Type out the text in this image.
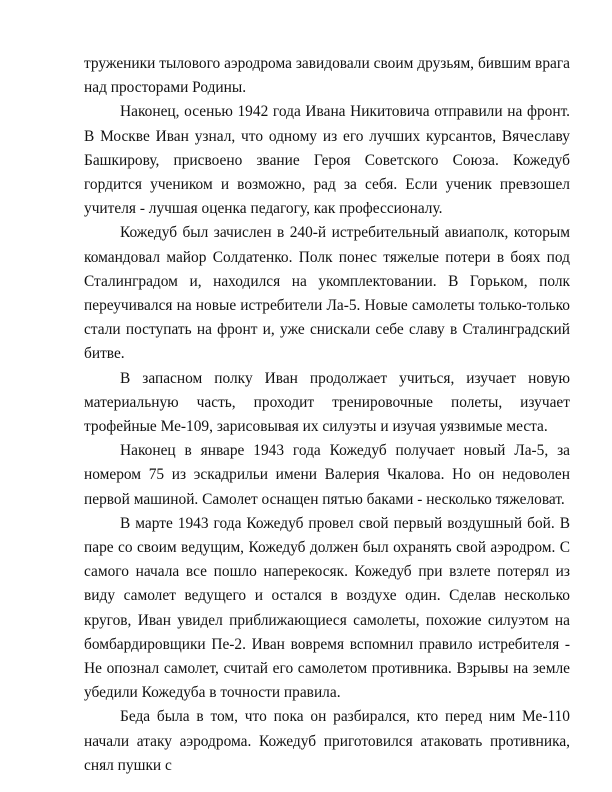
труженики тылового аэродрома завидовали своим друзьям, бившим врага над просторами Родины.

Наконец, осенью 1942 года Ивана Никитовича отправили на фронт. В Москве Иван узнал, что одному из его лучших курсантов, Вячеславу Башкирову, присвоено звание Героя Советского Союза. Кожедуб гордится учеником и возможно, рад за себя. Если ученик превзошел учителя - лучшая оценка педагогу, как профессионалу.

Кожедуб был зачислен в 240-й истребительный авиаполк, которым командовал майор Солдатенко. Полк понес тяжелые потери в боях под Сталинградом и, находился на укомплектовании. В Горьком, полк переучивался на новые истребители Ла-5. Новые самолеты только-только стали поступать на фронт и, уже снискали себе славу в Сталинградский битве.

В запасном полку Иван продолжает учиться, изучает новую материальную часть, проходит тренировочные полеты, изучает трофейные Ме-109, зарисовывая их силуэты и изучая уязвимые места.

Наконец в январе 1943 года Кожедуб получает новый Ла-5, за номером 75 из эскадрильи имени Валерия Чкалова. Но он недоволен первой машиной. Самолет оснащен пятью баками - несколько тяжеловат.

В марте 1943 года Кожедуб провел свой первый воздушный бой. В паре со своим ведущим, Кожедуб должен был охранять свой аэродром. С самого начала все пошло наперекосяк. Кожедуб при взлете потерял из виду самолет ведущего и остался в воздухе один. Сделав несколько кругов, Иван увидел приближающиеся самолеты, похожие силуэтом на бомбардировщики Пе-2. Иван вовремя вспомнил правило истребителя - Не опознал самолет, считай его самолетом противника. Взрывы на земле убедили Кожедуба в точности правила.

Беда была в том, что пока он разбирался, кто перед ним Ме-110 начали атаку аэродрома. Кожедуб приготовился атаковать противника, снял пушки с
